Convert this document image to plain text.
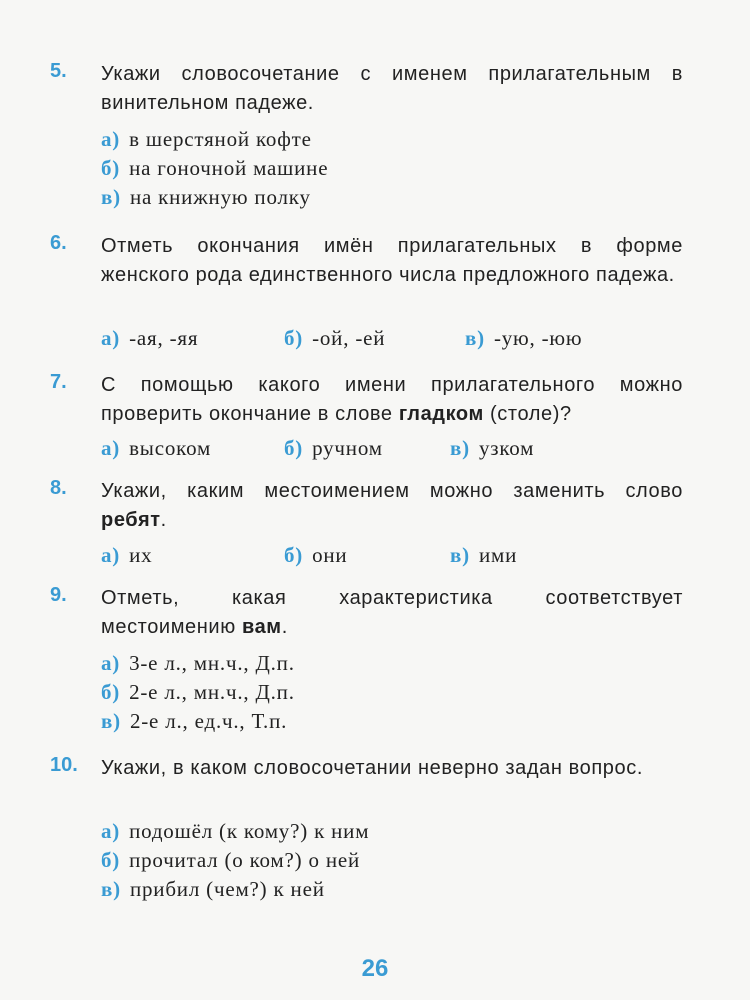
5. Укажи словосочетание с именем прилагательным в винительном падеже.
а) в шерстяной кофте
б) на гоночной машине
в) на книжную полку
6. Отметь окончания имён прилагательных в форме женского рода единственного числа предложного падежа.
а) -ая, -яя	б) -ой, -ей	в) -ую, -юю
7. С помощью какого имени прилагательного можно проверить окончание в слове гладком (столе)?
а) высоком	б) ручном	в) узком
8. Укажи, каким местоимением можно заменить слово ребят.
а) их	б) они	в) ими
9. Отметь, какая характеристика соответствует местоимению вам.
а) 3-е л., мн.ч., Д.п.
б) 2-е л., мн.ч., Д.п.
в) 2-е л., ед.ч., Т.п.
10. Укажи, в каком словосочетании неверно задан вопрос.
а) подошёл (к кому?) к ним
б) прочитал (о ком?) о ней
в) прибил (чем?) к ней
26
